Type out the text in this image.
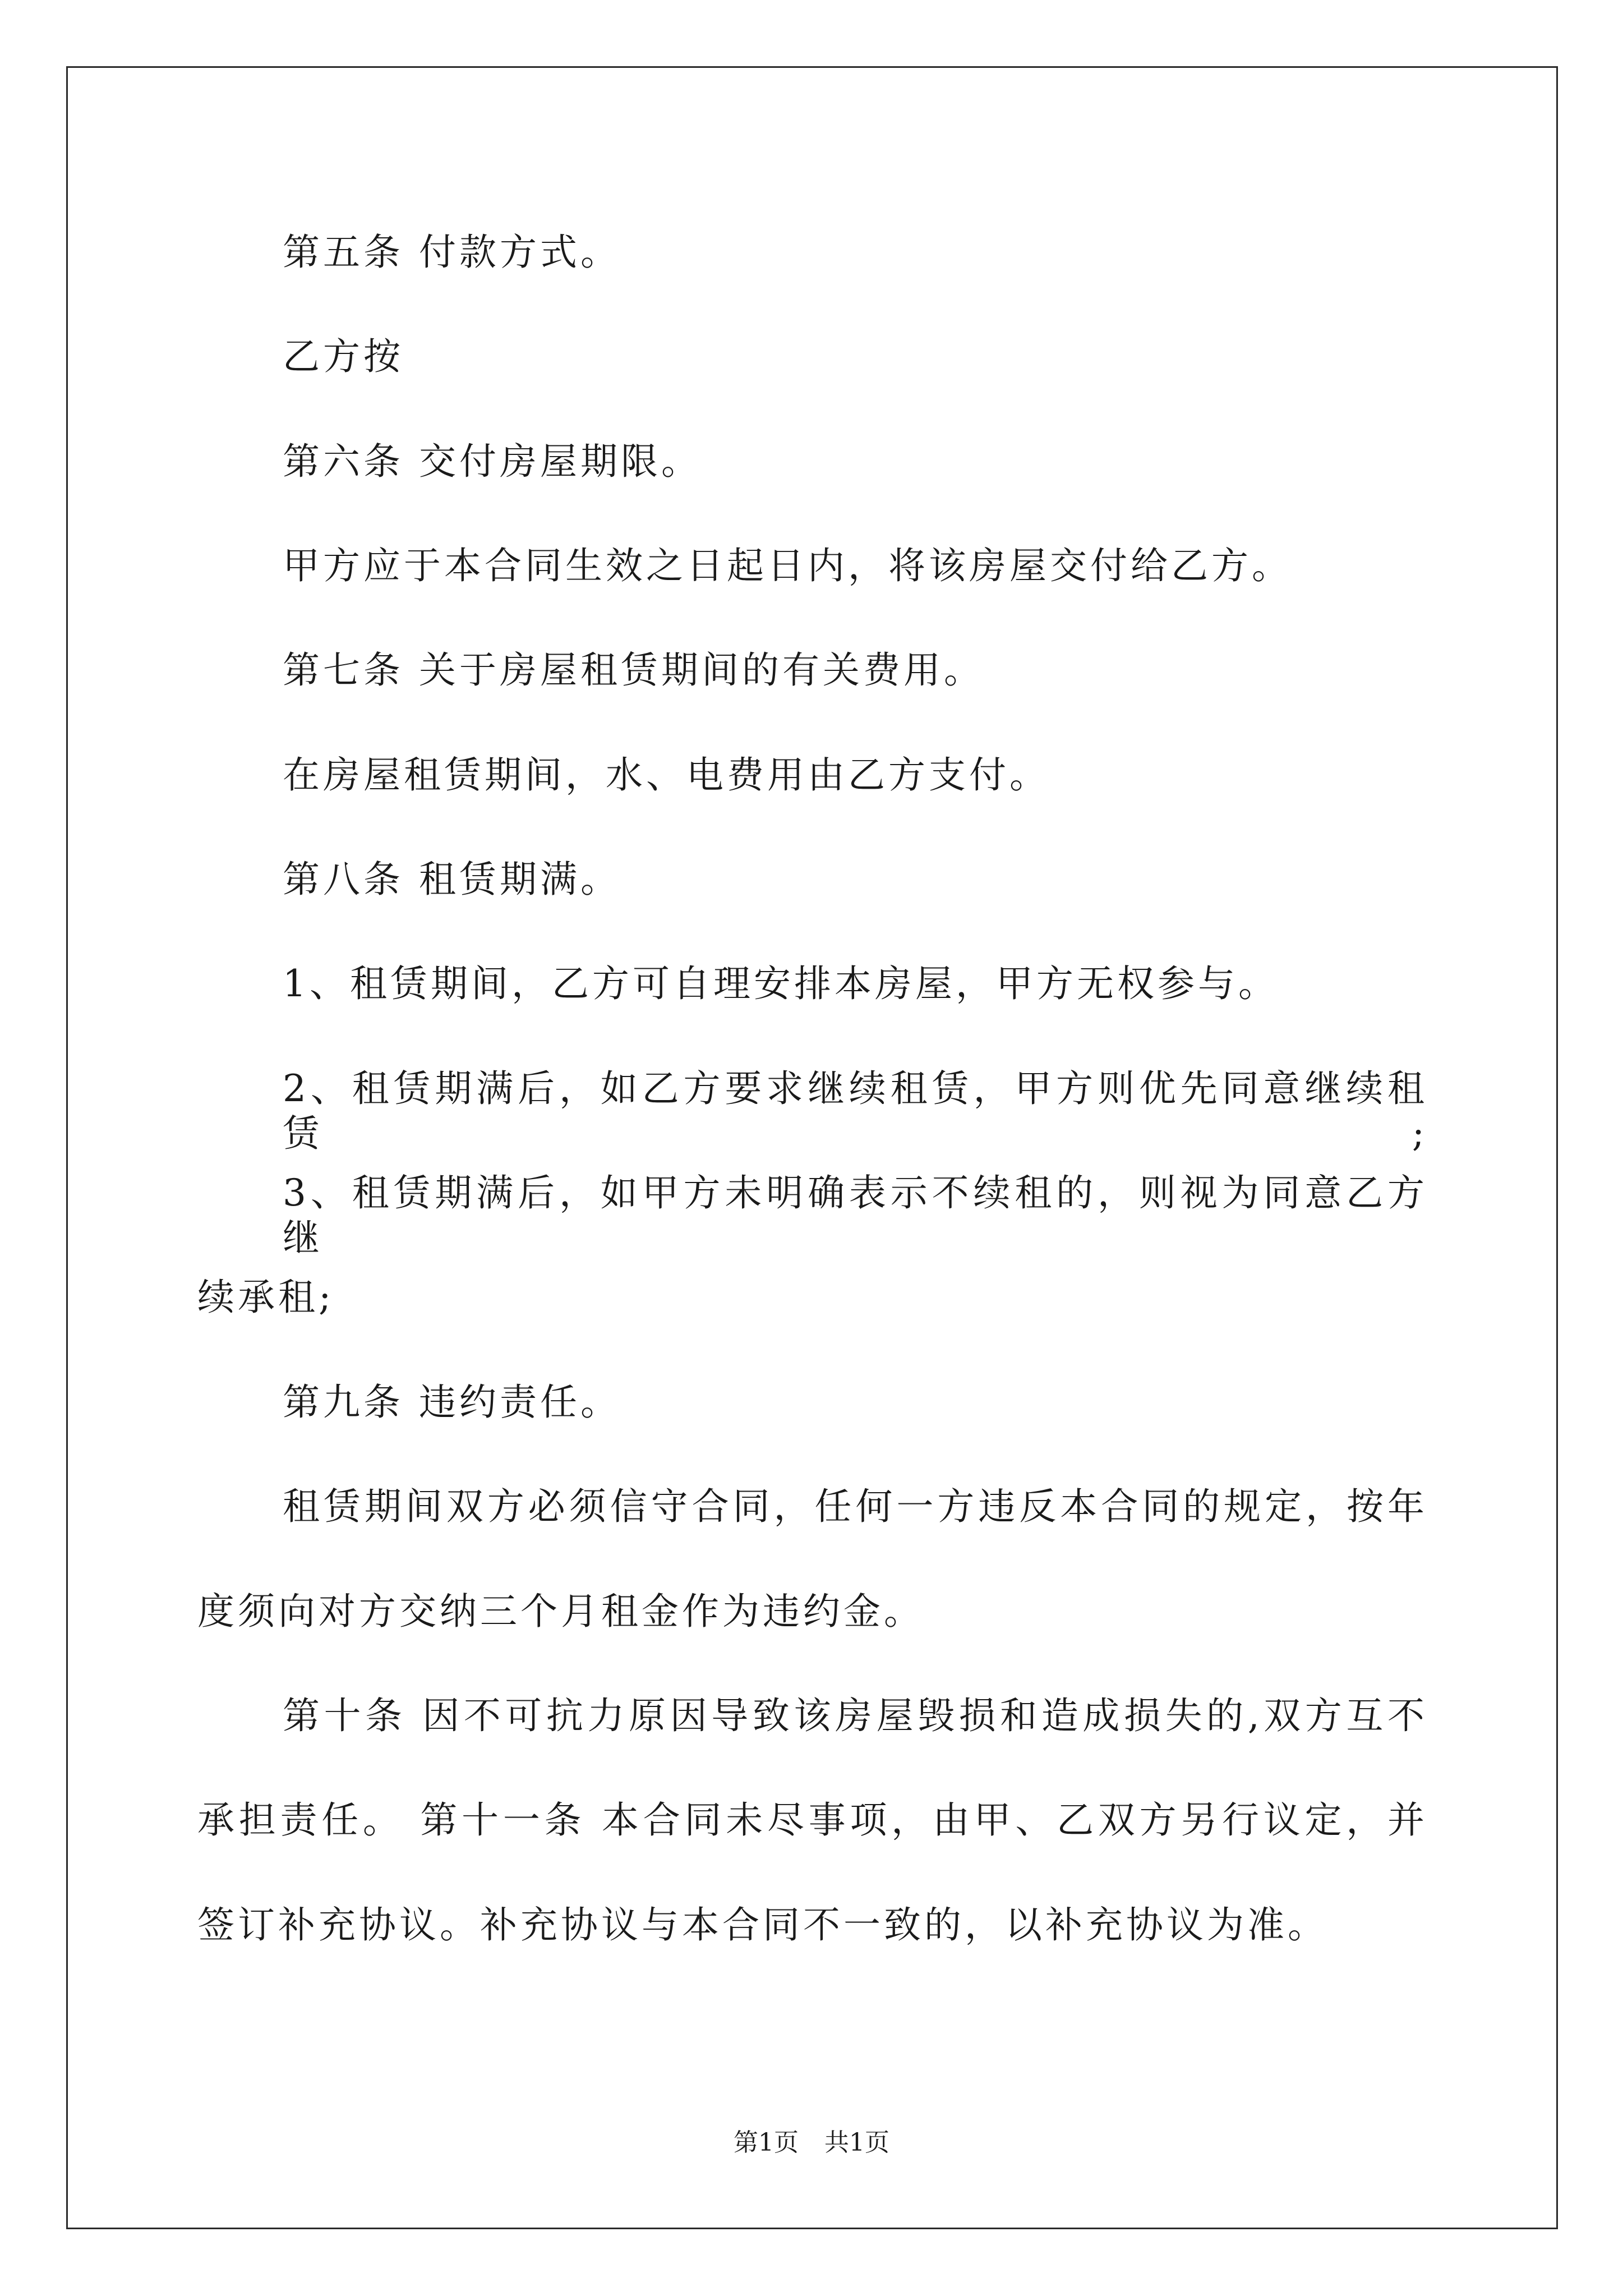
第五条 付款方式。
乙方按
第六条 交付房屋期限。
甲方应于本合同生效之日起日内，将该房屋交付给乙方。
第七条 关于房屋租赁期间的有关费用。
在房屋租赁期间，水、电费用由乙方支付。
第八条 租赁期满。
1、租赁期间，乙方可自理安排本房屋，甲方无权参与。
2、租赁期满后，如乙方要求继续租赁，甲方则优先同意继续租赁;
3、租赁期满后，如甲方未明确表示不续租的，则视为同意乙方继
续承租;
第九条 违约责任。
租赁期间双方必须信守合同，任何一方违反本合同的规定，按年
度须向对方交纳三个月租金作为违约金。
第十条 因不可抗力原因导致该房屋毁损和造成损失的,双方互不
承担责任。 第十一条 本合同未尽事项，由甲、乙双方另行议定，并
签订补充协议。补充协议与本合同不一致的，以补充协议为准。
第1页 共1页
